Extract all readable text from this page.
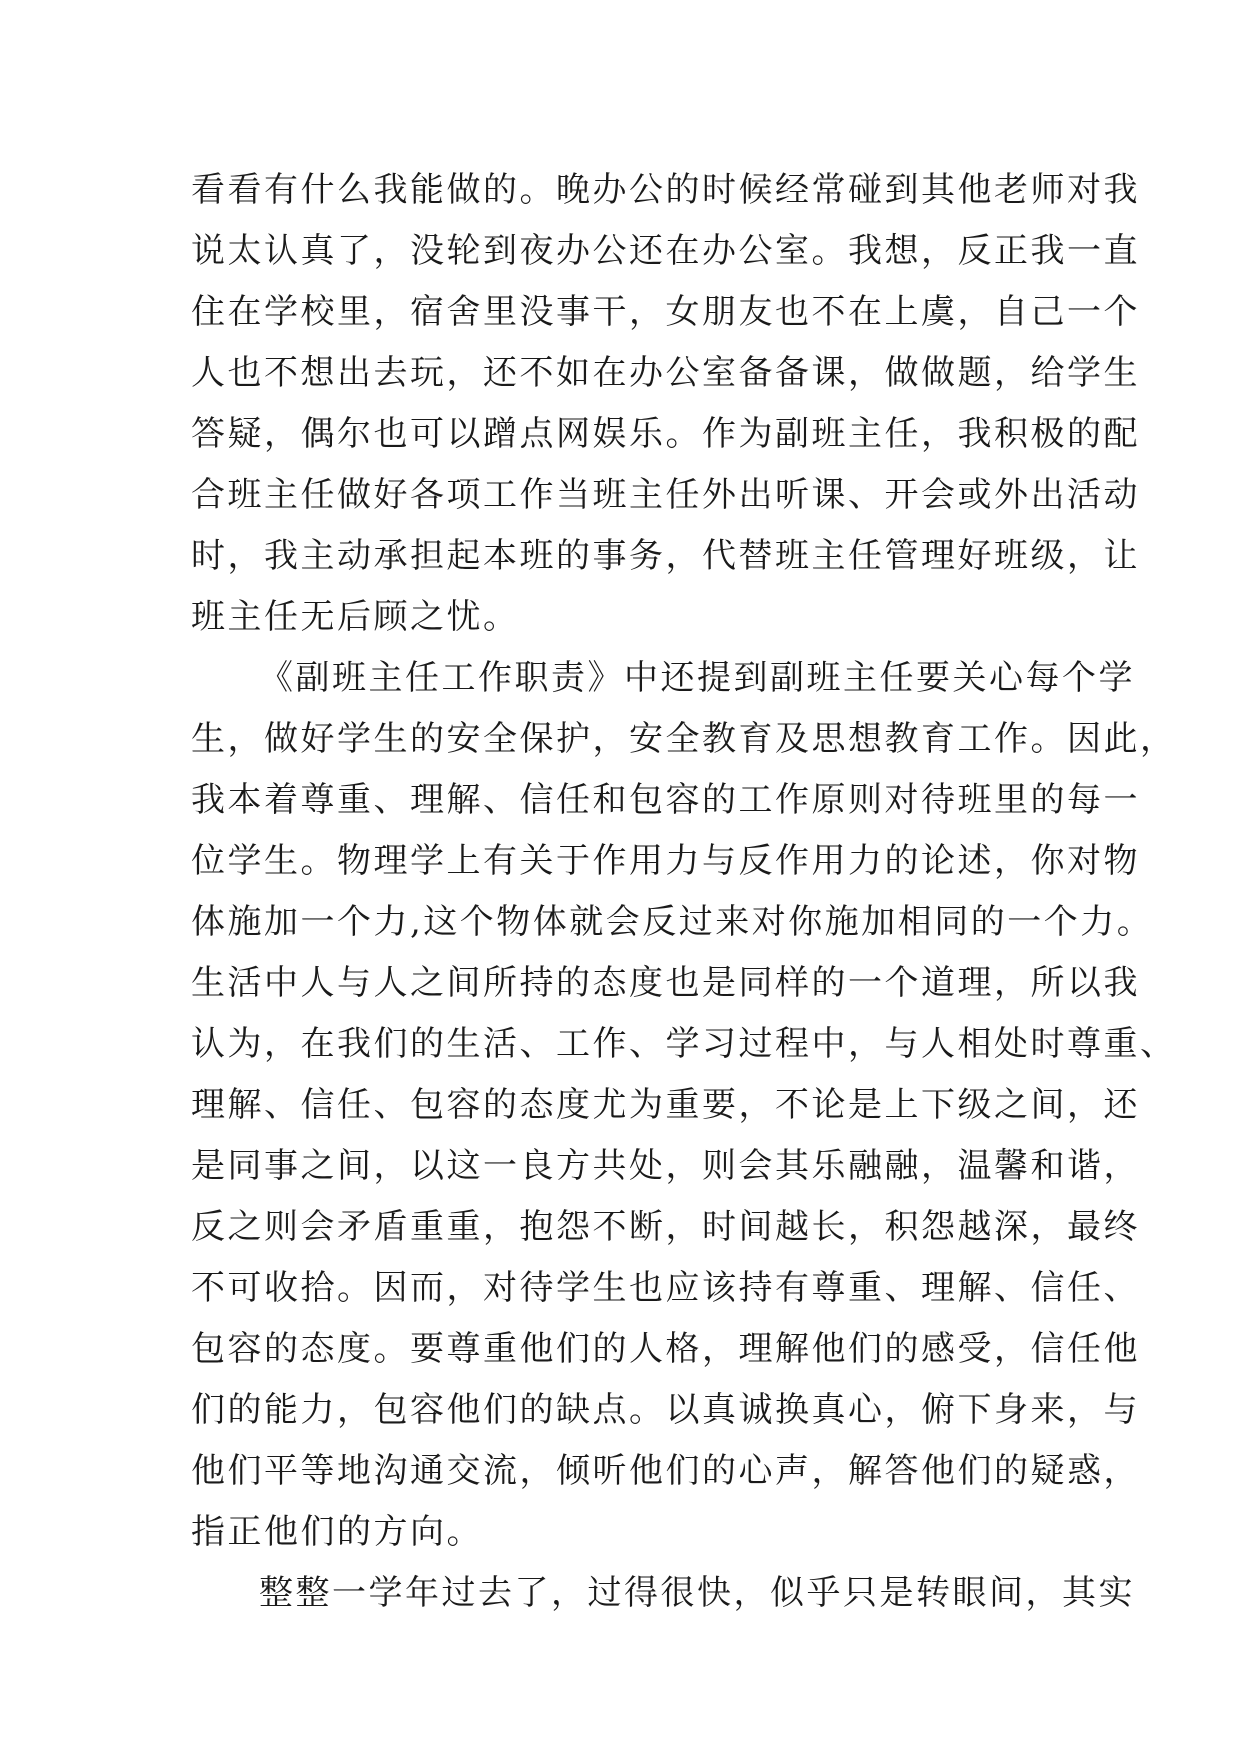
看看有什么我能做的。晚办公的时候经常碰到其他老师对我
说太认真了，没轮到夜办公还在办公室。我想，反正我一直
住在学校里，宿舍里没事干，女朋友也不在上虞，自己一个
人也不想出去玩，还不如在办公室备备课，做做题，给学生
答疑，偶尔也可以蹭点网娱乐。作为副班主任，我积极的配
合班主任做好各项工作当班主任外出听课、开会或外出活动
时，我主动承担起本班的事务，代替班主任管理好班级，让
班主任无后顾之忧。
《副班主任工作职责》中还提到副班主任要关心每个学
生，做好学生的安全保护，安全教育及思想教育工作。因此，
我本着尊重、理解、信任和包容的工作原则对待班里的每一
位学生。物理学上有关于作用力与反作用力的论述，你对物
体施加一个力,这个物体就会反过来对你施加相同的一个力。
生活中人与人之间所持的态度也是同样的一个道理，所以我
认为，在我们的生活、工作、学习过程中，与人相处时尊重、
理解、信任、包容的态度尤为重要，不论是上下级之间，还
是同事之间，以这一良方共处，则会其乐融融，温馨和谐，
反之则会矛盾重重，抱怨不断，时间越长，积怨越深，最终
不可收拾。因而，对待学生也应该持有尊重、理解、信任、
包容的态度。要尊重他们的人格，理解他们的感受，信任他
们的能力，包容他们的缺点。以真诚换真心，俯下身来，与
他们平等地沟通交流，倾听他们的心声，解答他们的疑惑，
指正他们的方向。
整整一学年过去了，过得很快，似乎只是转眼间，其实
